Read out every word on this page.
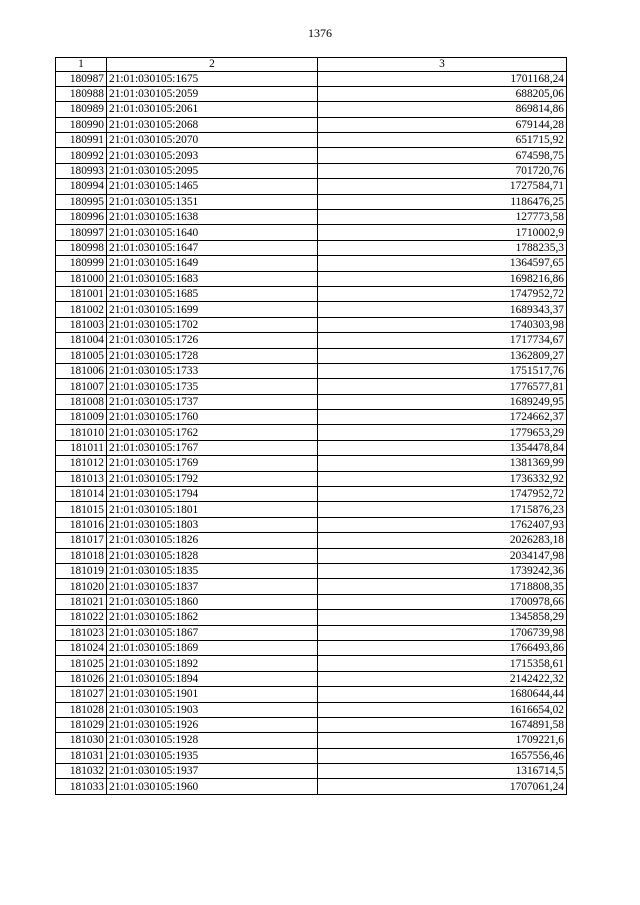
1376
1	2	3
180987	21:01:030105:1675	1701168,24
180988	21:01:030105:2059	688205,06
180989	21:01:030105:2061	869814,86
180990	21:01:030105:2068	679144,28
180991	21:01:030105:2070	651715,92
180992	21:01:030105:2093	674598,75
180993	21:01:030105:2095	701720,76
180994	21:01:030105:1465	1727584,71
180995	21:01:030105:1351	1186476,25
180996	21:01:030105:1638	127773,58
180997	21:01:030105:1640	1710002,9
180998	21:01:030105:1647	1788235,3
180999	21:01:030105:1649	1364597,65
181000	21:01:030105:1683	1698216,86
181001	21:01:030105:1685	1747952,72
181002	21:01:030105:1699	1689343,37
181003	21:01:030105:1702	1740303,98
181004	21:01:030105:1726	1717734,67
181005	21:01:030105:1728	1362809,27
181006	21:01:030105:1733	1751517,76
181007	21:01:030105:1735	1776577,81
181008	21:01:030105:1737	1689249,95
181009	21:01:030105:1760	1724662,37
181010	21:01:030105:1762	1779653,29
181011	21:01:030105:1767	1354478,84
181012	21:01:030105:1769	1381369,99
181013	21:01:030105:1792	1736332,92
181014	21:01:030105:1794	1747952,72
181015	21:01:030105:1801	1715876,23
181016	21:01:030105:1803	1762407,93
181017	21:01:030105:1826	2026283,18
181018	21:01:030105:1828	2034147,98
181019	21:01:030105:1835	1739242,36
181020	21:01:030105:1837	1718808,35
181021	21:01:030105:1860	1700978,66
181022	21:01:030105:1862	1345858,29
181023	21:01:030105:1867	1706739,98
181024	21:01:030105:1869	1766493,86
181025	21:01:030105:1892	1715358,61
181026	21:01:030105:1894	2142422,32
181027	21:01:030105:1901	1680644,44
181028	21:01:030105:1903	1616654,02
181029	21:01:030105:1926	1674891,58
181030	21:01:030105:1928	1709221,6
181031	21:01:030105:1935	1657556,46
181032	21:01:030105:1937	1316714,5
181033	21:01:030105:1960	1707061,24
